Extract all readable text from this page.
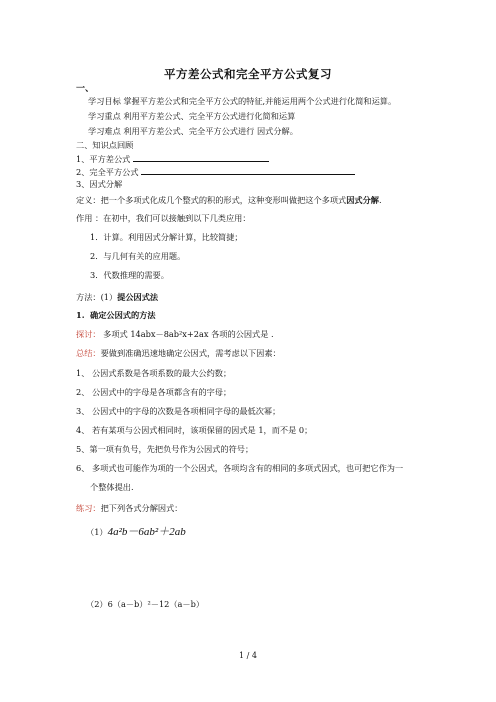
平方差公式和完全平方公式复习
一、
学习目标 掌握平方差公式和完全平方公式的特征,并能运用两个公式进行化简和运算。
学习重点 利用平方差公式、完全平方公式进行化简和运算
学习难点 利用平方差公式、完全平方公式进行 因式分解。
二、知识点回顾
1、平方差公式
2、完全平方公式
3、因式分解
定义：把一个多项式化成几个整式的积的形式，这种变形叫做把这个多项式因式分解.
作用 ：在初中，我们可以接触到以下几类应用：
1．计算。利用因式分解计算，比较简捷；
2．与几何有关的应用题。
3．代数推理的需要。
方法：(1）提公因式法
1. 确定公因式的方法
探讨： 多项式 14abx－8ab²x+2ax 各项的公因式是 .
总结：要做到准确迅速地确定公因式，需考虑以下因素：
1、 公因式系数是各项系数的最大公约数；
2、 公因式中的字母是各项都含有的字母；
3、 公因式中的字母的次数是各项相同字母的最低次幂；
4、 若有某项与公因式相同时，该项保留的因式是 1，而不是 0；
5、第一项有负号，先把负号作为公因式的符号；
6、 多项式也可能作为项的一个公因式，各项均含有的相同的多项式因式，也可把它作为一
个整体提出.
练习：把下列各式分解因式：
（1）4a²b－6ab²＋2ab
（2）6（a－b）²－12（a－b）
1 / 4
